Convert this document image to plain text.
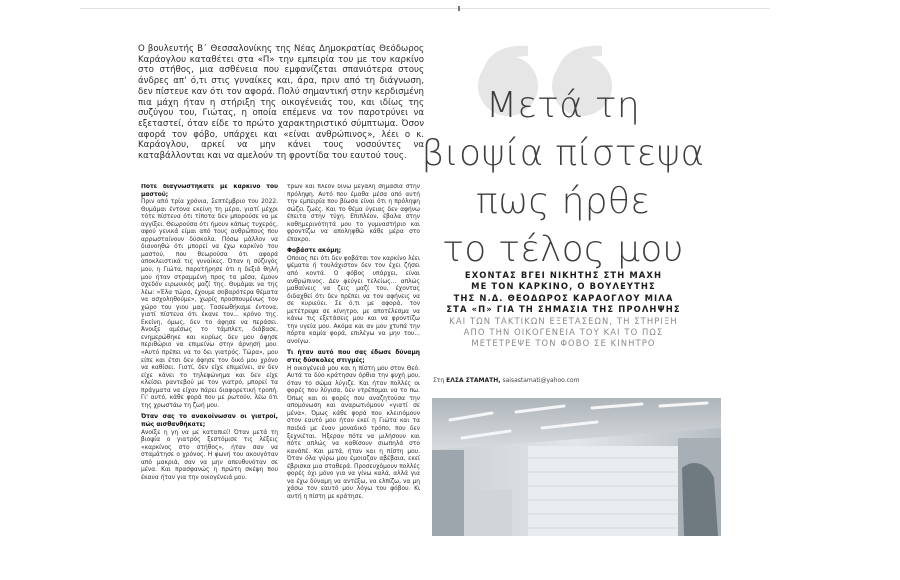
Ο βουλευτής Β΄ Θεσσαλονίκης της Νέας Δημοκρατίας Θεόδωρος Καράογλου καταθέτει στα «Π» την εμπειρία του με τον καρκίνο στο στήθος, μια ασθένεια που εμφανίζεται σπανιότερα στους άνδρες απ' ό,τι στις γυναίκες και, άρα, πριν από τη διάγνωση, δεν πίστευε καν ότι τον αφορά. Πολύ σημαντική στην κερδισμένη πια μάχη ήταν η στήριξη της οικογένειάς του, και ιδίως της συζύγου του, Γιώτας, η οποία επέμενε να τον παροτρύνει να εξεταστεί, όταν είδε το πρώτο χαρακτηριστικό σύμπτωμα. Όσον αφορά τον φόβο, υπάρχει και «είναι ανθρώπινος», λέει ο κ. Καράογλου, αρκεί να μην κάνει τους νοσούντες να καταβάλλονται και να αμελούν τη φροντίδα του εαυτού τους.

Πότε διαγνωστήκατε με καρκίνο του μαστού;
Πριν από τρία χρόνια, Σεπτέμβριο του 2022. Θυμάμαι έντονα εκείνη τη μέρα, γιατί μέχρι τότε πίστευα ότι τίποτα δεν μπορούσε να με αγγίξει. Θεωρούσα ότι ήμουν κάπως τυχερός, αφού γενικά είμαι από τους ανθρώπους που αρρωσταίνουν δύσκολα. Πόσω μάλλον να διανοηθώ ότι μπορεί να έχω καρκίνο του μαστού, που θεωρούσα ότι αφορά αποκλειστικά τις γυναίκες. Όταν η σύζυγός μου, η Γιώτα, παρατήρησε ότι η δεξιά θηλή μου ήταν στραμμένη προς τα μέσα, έμουν σχεδόν ειρωνικός μαζί της. Θυμάμαι να της λέω: «Έλα τώρα, έχουμε σοβαρότερα θέματα να ασχοληθούμε», χωρίς προσπουμένως τον χώρο του γιου μας. Τασεωθήκαμε έντονα, γιατί πίστευα ότι έκανε τον... κρόνο της. Εκείνη, όμως, δεν το άφησε να περάσει. Άνοιξε αμέσως το τάμπλετ, διάβασε, ενημερώθηκε και κυρίως δεν μου άφησε περιθώριο να επιμείνω στην άρνησή μου. «Αυτό πρέπει να το δει γιατρός. Τώρα», μου είπε και έτσι δεν άφησε τον δικό μου χρόνο να καθίσει. Γιατί, δεν είχε επιμείνει, αν δεν είχε κάνει το τηλεφώνημα και δεν είχε κλείσει ραντεβού με τον γιατρό, μπορεί τα πράγματα να είχαν πάρει διαφορετική τροπή. Γι' αυτό, κάθε φορά που με ρωτούν, λέω ότι της χρωστάω τη ζωή μου.

Όταν σας το ανακοίνωσαν οι γιατροί, πώς αισθανθήκατε;
Ανοίξε η γη να με καταπιεί! Όταν μετά τη βιοψία ο γιατρός ξεστόμισε τις λέξεις «καρκίνος στο στήθος», ήταν σαν να σταμάτησε ο χρόνος. Η φωνή του ακουγόταν από μακριά, σαν να μην απευθυνόταν σε μένα. Και πρασφανώς η πρώτη σκέψη που έκανα ήταν για την οικογένειά μου.

τρων και πλέον δίνω μεγάλη σημασία στην πρόληψη. Αυτό που έμαθα μέσα από αυτή την εμπειρία που βίωσα είναι ότι η πρόληψη σώζει ζωές. Και το θέμα ύγειας δεν αφήνω έπειτα στην τύχη. Επιπλέον, έβαλα στην καθημερινότητά μου το γυμναστήριο και φροντίζω να αποληφθώ κάθε μέρα στο έπακρο.

Φοβάστε ακόμη;
Οποιος πει ότι δεν φοβάται τον καρκίνο λέει ψέματα ή τουλάχιστον δεν τον έχει ζήσει από κοντά. Ο φόβος υπάρχει, είναι ανθρώπινος. Δεν φεύγει τελείως... απλώς μαθαίνεις να ζεις μαζί του, έχοντας διδαχθεί ότι δεν πρέπει να τον αφήνεις να σε κυριεύει. Σε ό,τι με αφορά, τον μετέτρεψα σε κίνητρο, με αποτέλεσμα να κάνω τις εξετάσεις μου και να φροντίζω την υγεία μου. Ακόμα και αν μου χτυπά την πόρτα καμία φορά, επιλέγω να μην του... ανοίγω.

Τι ήταν αυτό που σας έδωσε δύναμη στις δύσκολες στιγμές;
Η οικογένειά μου και η πίστη μου στον Θεό. Αυτά τα δύο κράτησαν όρθια την ψυχή μου, όταν το σώμα λύγιζε. Και ήταν πολλές οι φορές που λύγισα, δεν ντρέπομαι να το πω. Όπως και οι φορές που αναζητούσα την απομόνωση και αναρωτιόμουν «γιατί σε μένα». Όμως κάθε φορά που κλειnόμουν στον εαυτό μου ήταν εκεί η Γιώτα και τα παιδιά με έναν μοναδικό τρόπο, που δεν ξεχνιέται. Ήξεραν πότε να μιλήσουν και πότε απλώς να καθίσουν σιωπηλά στο κανάπέ. Και μετά, ήταν και η πίστη μου. Όταν όλα γύρω μου έμοιαζαν αβέβαια, εκεί έβρισκα μια σταθερά. Προσευχόμουν πολλές φορές όχι μόνο για να γίνω καλά, αλλά για να έχω δύναμη να αντέξω, να ελπίζω, να μη χάσω τον εαυτό μου λόγω του φόβου. Κι αυτή η πίστη με κράτησε.

Μετά τη
βιοψία πίστεψα
πως ήρθε
το τέλος μου
ΕΧΟΝΤΑΣ ΒΓΕΙ ΝΙΚΗΤΗΣ ΣΤΗ ΜΑΧΗ
ΜΕ ΤΟΝ ΚΑΡΚΙΝΟ, Ο ΒΟΥΛΕΥΤΗΣ
ΤΗΣ Ν.Δ. ΘΕΟΔΩΡΟΣ ΚΑΡΑΟΓΛΟΥ ΜΙΛΑ
ΣΤΑ «Π» ΓΙΑ ΤΗ ΣΗΜΑΣΙΑ ΤΗΣ ΠΡΟΛΗΨΗΣ
ΚΑΙ ΤΩΝ ΤΑΚΤΙΚΩΝ ΕΞΕΤΑΣΕΩΝ, ΤΗ ΣΤΗΡΙΞΗ
ΑΠΟ ΤΗΝ ΟΙΚΟΓΕΝΕΙΑ ΤΟΥ ΚΑΙ ΤΟ ΠΩΣ
ΜΕΤΕΤΡΕΨΕ ΤΟΝ ΦΟΒΟ ΣΕ ΚΙΝΗΤΡΟ
Στη ΕΛΣΑ ΣΤΑΜΑΤΗ, saisastamati@yahoo.com
